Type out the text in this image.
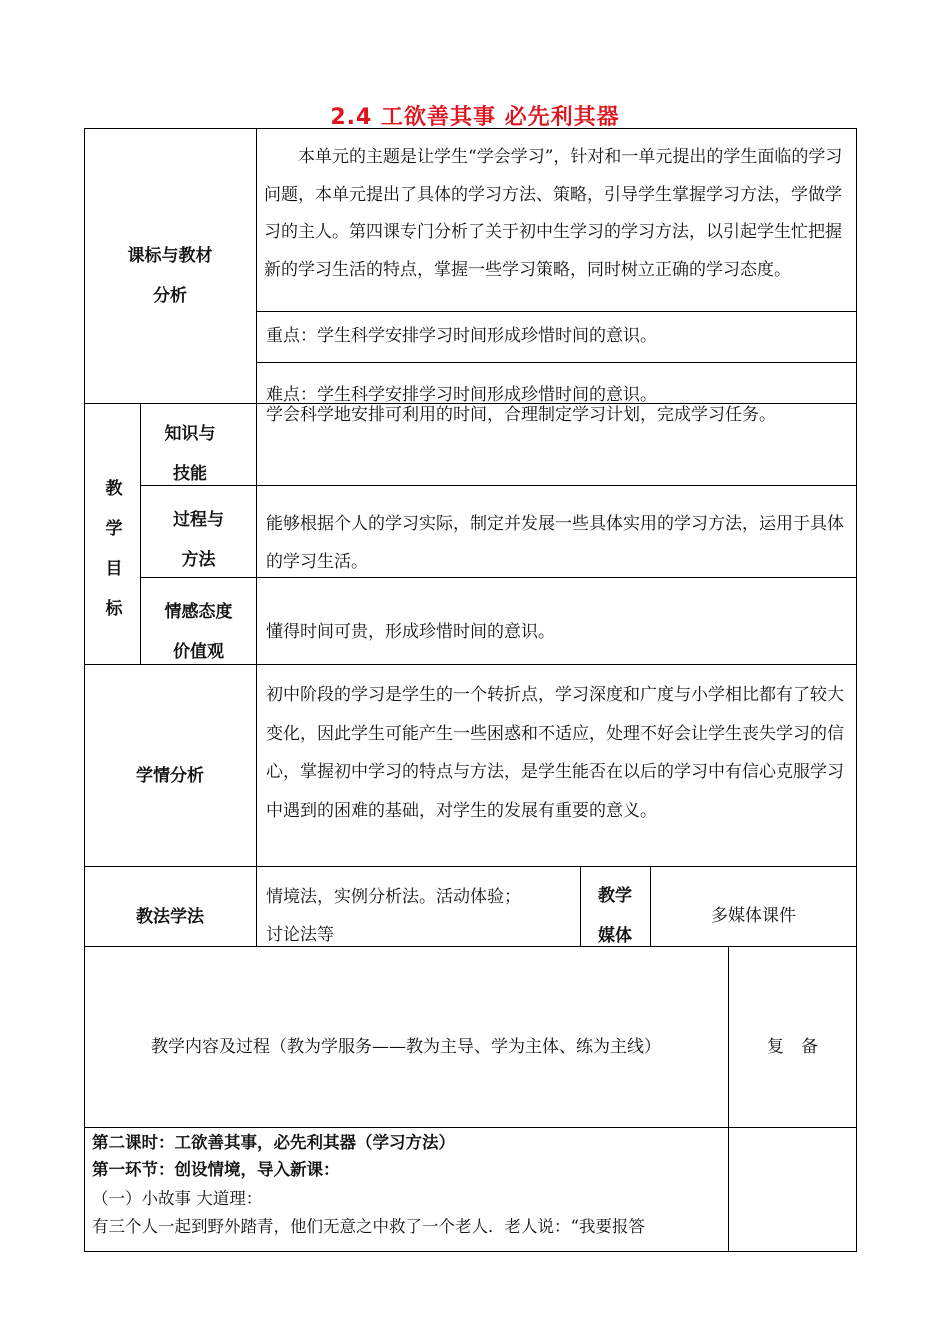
2.4 工欲善其事 必先利其器
课标与教材
分析
本单元的主题是让学生“学会学习”，针对和一单元提出的学生面临的学习问题，本单元提出了具体的学习方法、策略，引导学生掌握学习方法，学做学习的主人。第四课专门分析了关于初中生学习的学习方法，以引起学生忙把握新的学习生活的特点，掌握一些学习策略，同时树立正确的学习态度。
重点：学生科学安排学习时间形成珍惜时间的意识。
难点：学生科学安排学习时间形成珍惜时间的意识。
教
学
目
标
知识与
技能
学会科学地安排可利用的时间，合理制定学习计划，完成学习任务。
过程与
方法
能够根据个人的学习实际，制定并发展一些具体实用的学习方法，运用于具体的学习生活。
情感态度
价值观
懂得时间可贵，形成珍惜时间的意识。
学情分析
初中阶段的学习是学生的一个转折点，学习深度和广度与小学相比都有了较大变化，因此学生可能产生一些困惑和不适应，处理不好会让学生丧失学习的信心，掌握初中学习的特点与方法，是学生能否在以后的学习中有信心克服学习中遇到的困难的基础，对学生的发展有重要的意义。
教法学法
情境法，实例分析法。活动体验；
讨论法等
教学
媒体
多媒体课件
教学内容及过程（教为学服务——教为主导、学为主体、练为主线）	复　备
第二课时：工欲善其事，必先利其器（学习方法）
第一环节：创设情境，导入新课：
（一）小故事 大道理：
有三个人一起到野外踏青，他们无意之中救了一个老人．老人说：“我要报答
